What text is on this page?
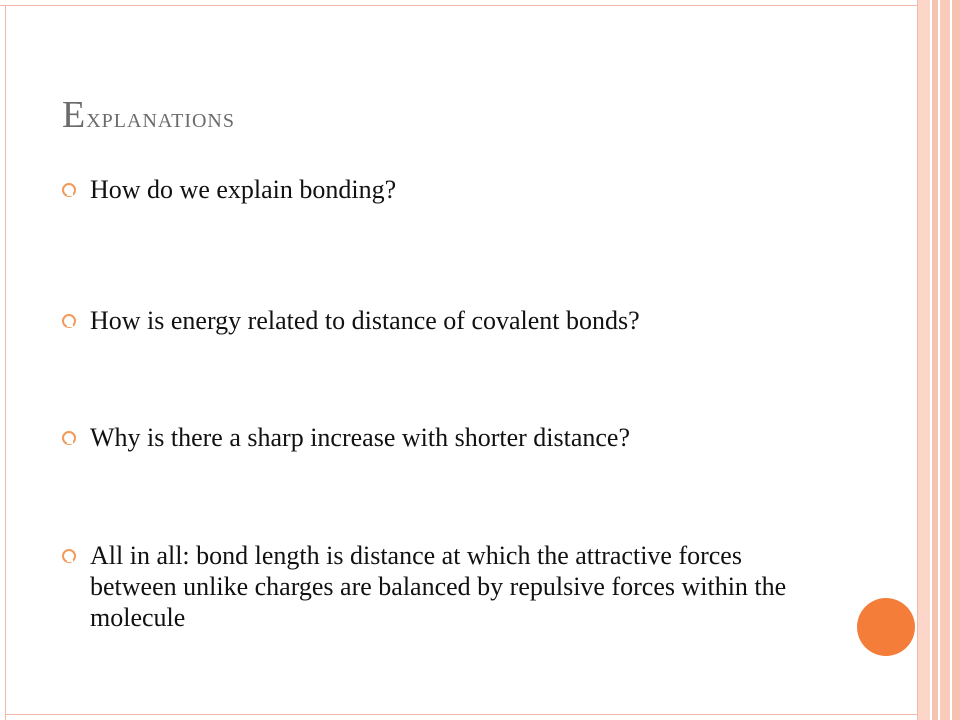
Explanations
How do we explain bonding?
How is energy related to distance of covalent bonds?
Why is there a sharp increase with shorter distance?
All in all: bond length is distance at which the attractive forces between unlike charges are balanced by repulsive forces within the molecule
